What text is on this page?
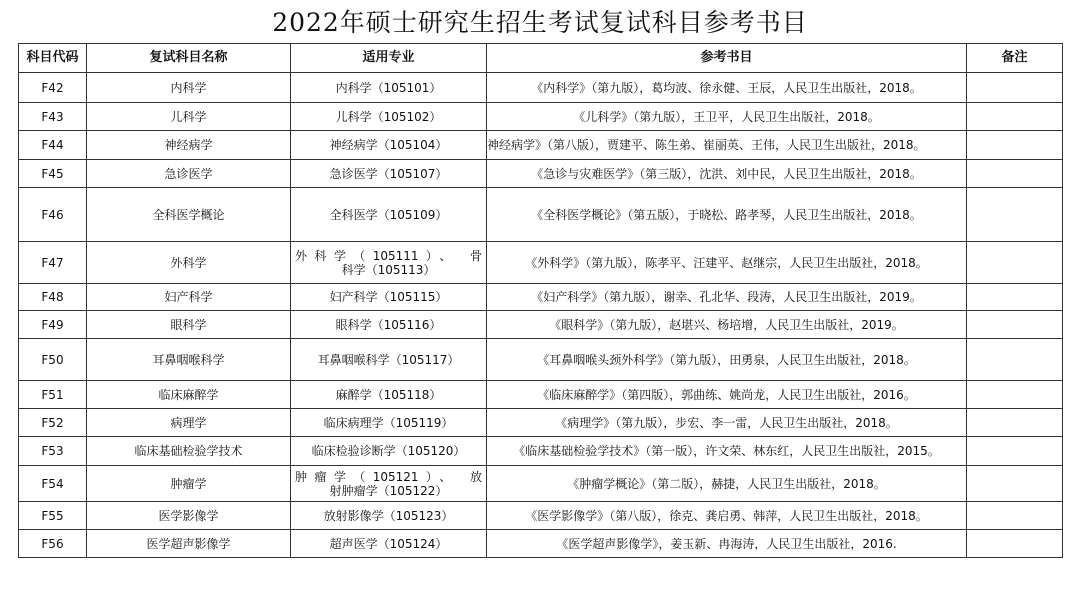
2022年硕士研究生招生考试复试科目参考书目
科目代码	复试科目名称	适用专业	参考书目	备注
F42	内科学	内科学（105101）	《内科学》（第九版），葛均波、徐永健、王辰，人民卫生出版社，2018。	
F43	儿科学	儿科学（105102）	《儿科学》（第九版），王卫平，人民卫生出版社，2018。	
F44	神经病学	神经病学（105104）	神经病学》（第八版），贾建平、陈生弟、崔丽英、王伟，人民卫生出版社，2018。	
F45	急诊医学	急诊医学（105107）	《急诊与灾难医学》（第三版），沈洪、刘中民，人民卫生出版社，2018。	
F46	全科医学概论	全科医学（105109）	《全科医学概论》（第五版），于晓松、路孝琴，人民卫生出版社，2018。	
F47	外科学	外科学（105111）、 骨
科学（105113）	《外科学》（第九版），陈孝平、汪建平、赵继宗，人民卫生出版社，2018。	
F48	妇产科学	妇产科学（105115）	《妇产科学》（第九版），谢幸、孔北华、段涛，人民卫生出版社，2019。	
F49	眼科学	眼科学（105116）	《眼科学》（第九版），赵堪兴、杨培增，人民卫生出版社，2019。	
F50	耳鼻咽喉科学	耳鼻咽喉科学（105117）	《耳鼻咽喉头颈外科学》（第九版），田勇泉，人民卫生出版社，2018。	
F51	临床麻醉学	麻醉学（105118）	《临床麻醉学》（第四版），郭曲练、姚尚龙，人民卫生出版社，2016。	
F52	病理学	临床病理学（105119）	《病理学》（第九版），步宏、李一雷，人民卫生出版社，2018。	
F53	临床基础检验学技术	临床检验诊断学（105120）	《临床基础检验学技术》（第一版），许文荣、林东红，人民卫生出版社，2015。	
F54	肿瘤学	肿瘤学（105121）、 放
射肿瘤学（105122）	《肿瘤学概论》（第二版），赫捷，人民卫生出版社，2018。	
F55	医学影像学	放射影像学（105123）	《医学影像学》（第八版），徐克、龚启勇、韩萍，人民卫生出版社，2018。	
F56	医学超声影像学	超声医学（105124）	《医学超声影像学》，姜玉新、冉海涛，人民卫生出版社，2016.	
